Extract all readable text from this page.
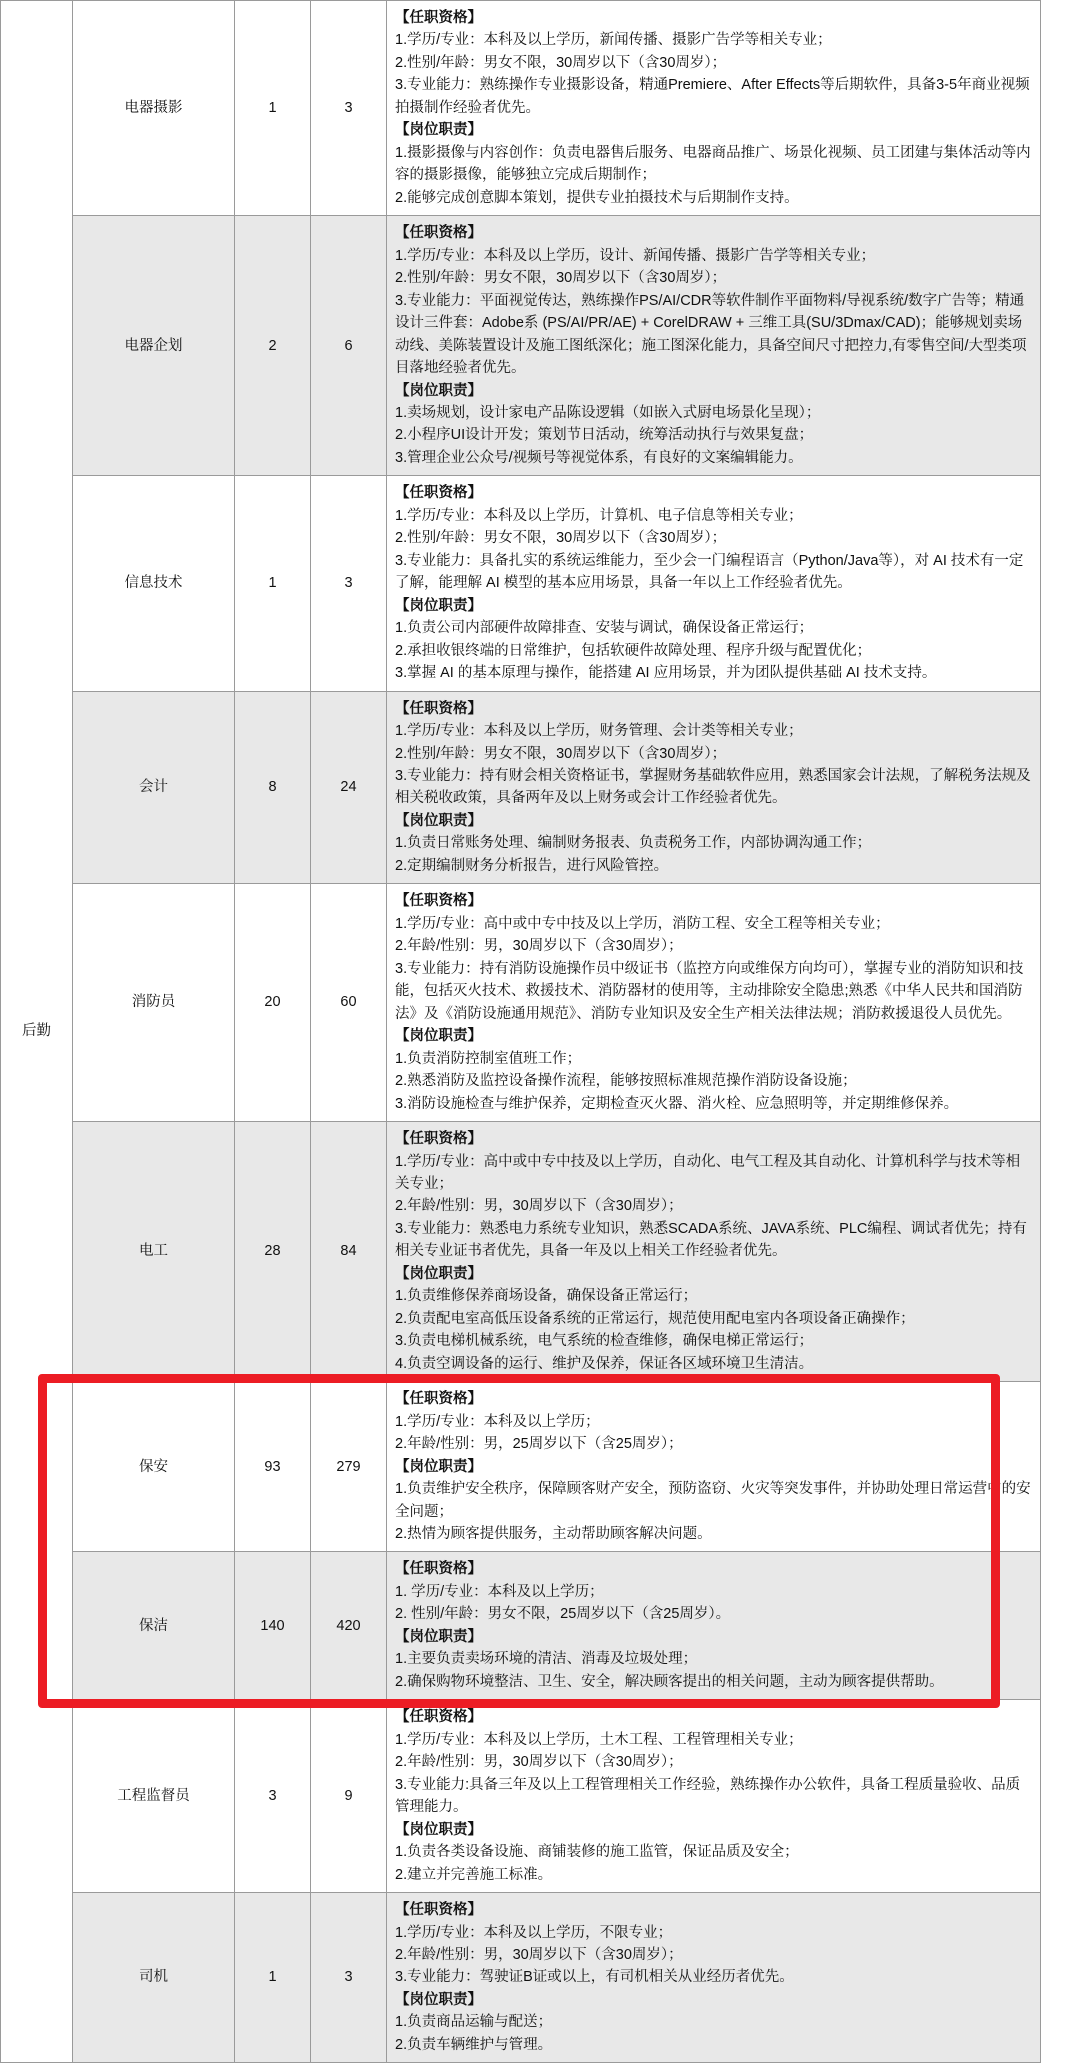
后勤	电器摄影	1	3	

【任职资格】

1.学历/专业：本科及以上学历，新闻传播、摄影广告学等相关专业；

2.性别/年龄：男女不限，30周岁以下（含30周岁）；

3.专业能力：熟练操作专业摄影设备，精通Premiere、After Effects等后期软件，具备3-5年商业视频拍摄制作经验者优先。

【岗位职责】

1.摄影摄像与内容创作：负责电器售后服务、电器商品推广、场景化视频、员工团建与集体活动等内容的摄影摄像，能够独立完成后期制作；

2.能够完成创意脚本策划，提供专业拍摄技术与后期制作支持。

电器企划	2	6	

【任职资格】

1.学历/专业：本科及以上学历，设计、新闻传播、摄影广告学等相关专业；

2.性别/年龄：男女不限，30周岁以下（含30周岁）；

3.专业能力：平面视觉传达，熟练操作PS/AI/CDR等软件制作平面物料/导视系统/数字广告等；精通设计三件套：Adobe系 (PS/AI/PR/AE) + CorelDRAW + 三维工具(SU/3Dmax/CAD)；能够规划卖场动线、美陈装置设计及施工图纸深化；施工图深化能力，具备空间尺寸把控力,有零售空间/大型类项目落地经验者优先。

【岗位职责】

1.卖场规划，设计家电产品陈设逻辑（如嵌入式厨电场景化呈现）；

2.小程序UI设计开发；策划节日活动，统筹活动执行与效果复盘；

3.管理企业公众号/视频号等视觉体系，有良好的文案编辑能力。

信息技术	1	3	

【任职资格】

1.学历/专业：本科及以上学历，计算机、电子信息等相关专业；

2.性别/年龄：男女不限，30周岁以下（含30周岁）；

3.专业能力：具备扎实的系统运维能力，至少会一门编程语言（Python/Java等），对 AI 技术有一定了解，能理解 AI 模型的基本应用场景，具备一年以上工作经验者优先。

【岗位职责】

1.负责公司内部硬件故障排查、安装与调试，确保设备正常运行；

2.承担收银终端的日常维护，包括软硬件故障处理、程序升级与配置优化；

3.掌握 AI 的基本原理与操作，能搭建 AI 应用场景，并为团队提供基础 AI 技术支持。

会计	8	24	

【任职资格】

1.学历/专业：本科及以上学历，财务管理、会计类等相关专业；

2.性别/年龄：男女不限，30周岁以下（含30周岁）；

3.专业能力：持有财会相关资格证书，掌握财务基础软件应用，熟悉国家会计法规，了解税务法规及相关税收政策，具备两年及以上财务或会计工作经验者优先。

【岗位职责】

1.负责日常账务处理、编制财务报表、负责税务工作，内部协调沟通工作；

2.定期编制财务分析报告，进行风险管控。

消防员	20	60	

【任职资格】

1.学历/专业：高中或中专中技及以上学历，消防工程、安全工程等相关专业；

2.年龄/性别：男，30周岁以下（含30周岁）；

3.专业能力：持有消防设施操作员中级证书（监控方向或维保方向均可），掌握专业的消防知识和技能，包括灭火技术、救援技术、消防器材的使用等，主动排除安全隐患;熟悉《中华人民共和国消防法》及《消防设施通用规范》、消防专业知识及安全生产相关法律法规；消防救援退役人员优先。

【岗位职责】

1.负责消防控制室值班工作；

2.熟悉消防及监控设备操作流程，能够按照标准规范操作消防设备设施；

3.消防设施检查与维护保养，定期检查灭火器、消火栓、应急照明等，并定期维修保养。

电工	28	84	

【任职资格】

1.学历/专业：高中或中专中技及以上学历，自动化、电气工程及其自动化、计算机科学与技术等相关专业；

2.年龄/性别：男，30周岁以下（含30周岁）；

3.专业能力：熟悉电力系统专业知识，熟悉SCADA系统、JAVA系统、PLC编程、调试者优先；持有相关专业证书者优先，具备一年及以上相关工作经验者优先。

【岗位职责】

1.负责维修保养商场设备，确保设备正常运行；

2.负责配电室高低压设备系统的正常运行，规范使用配电室内各项设备正确操作；

3.负责电梯机械系统，电气系统的检查维修，确保电梯正常运行；

4.负责空调设备的运行、维护及保养，保证各区域环境卫生清洁。

保安	93	279	

【任职资格】

1.学历/专业：本科及以上学历；

2.年龄/性别：男，25周岁以下（含25周岁）；

【岗位职责】

1.负责维护安全秩序，保障顾客财产安全，预防盗窃、火灾等突发事件，并协助处理日常运营中的安全问题；

2.热情为顾客提供服务，主动帮助顾客解决问题。

保洁	140	420	

【任职资格】

1. 学历/专业：本科及以上学历；

2. 性别/年龄：男女不限，25周岁以下（含25周岁）。

【岗位职责】

1.主要负责卖场环境的清洁、消毒及垃圾处理；

2.确保购物环境整洁、卫生、安全，解决顾客提出的相关问题，主动为顾客提供帮助。

工程监督员	3	9	

【任职资格】

1.学历/专业：本科及以上学历，土木工程、工程管理相关专业；

2.年龄/性别：男，30周岁以下（含30周岁）；

3.专业能力:具备三年及以上工程管理相关工作经验，熟练操作办公软件，具备工程质量验收、品质管理能力。

【岗位职责】

1.负责各类设备设施、商铺装修的施工监管，保证品质及安全；

2.建立并完善施工标准。

司机	1	3	

【任职资格】

1.学历/专业：本科及以上学历，不限专业；

2.年龄/性别：男，30周岁以下（含30周岁）；

3.专业能力：驾驶证B证或以上，有司机相关从业经历者优先。

【岗位职责】

1.负责商品运输与配送；

2.负责车辆维护与管理。
